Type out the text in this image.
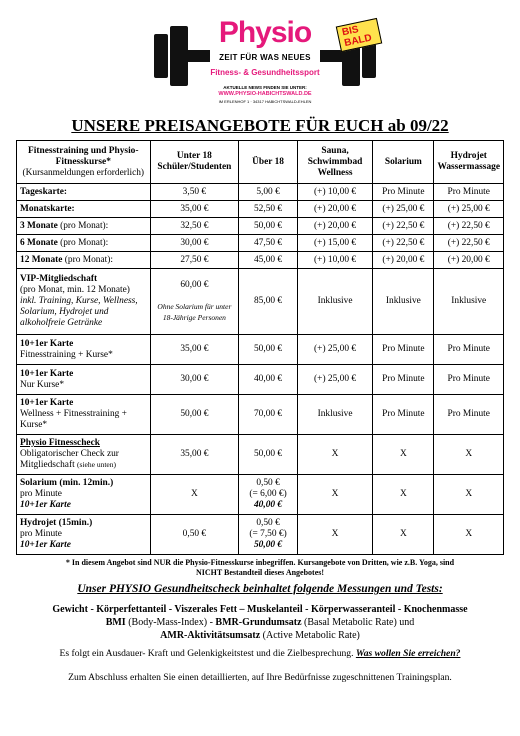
Physio	BIS BALD
ZEIT FÜR WAS NEUES
Fitness- & Gesundheitssport
AKTUELLE NEWS FINDEN SIE UNTER:
WWW.PHYSIO-HABICHTSWALD.DE
IM ERLENHOF 1 · 34317 HABICHTSWALD-EHLEN
UNSERE PREISANGEBOTE FÜR EUCH ab 09/22
Fitnesstraining und Physio-Fitnesskurse*
(Kursanmeldungen erforderlich)	Unter 18 Schüler/Studenten	Über 18	Sauna, Schwimmbad Wellness	Solarium	Hydrojet Wassermassage
Tageskarte:	3,50 €	5,00 €	(+) 10,00 €	Pro Minute	Pro Minute
Monatskarte:	35,00 €	52,50 €	(+) 20,00 €	(+) 25,00 €	(+) 25,00 €
3 Monate (pro Monat):	32,50 €	50,00 €	(+) 20,00 €	(+) 22,50 €	(+) 22,50 €
6 Monate (pro Monat):	30,00 €	47,50 €	(+) 15,00 €	(+) 22,50 €	(+) 22,50 €
12 Monate (pro Monat):	27,50 €	45,00 €	(+) 10,00 €	(+) 20,00 €	(+) 20,00 €
VIP-Mitgliedschaft
(pro Monat, min. 12 Monate)
inkl. Training, Kurse, Wellness, Solarium, Hydrojet und alkoholfreie Getränke	60,00 €

Ohne Solarium für unter 18-Jährige Personen	85,00 €	Inklusive	Inklusive	Inklusive
10+1er Karte
Fitnesstraining + Kurse*	35,00 €	50,00 €	(+) 25,00 €	Pro Minute	Pro Minute
10+1er Karte
Nur Kurse*	30,00 €	40,00 €	(+) 25,00 €	Pro Minute	Pro Minute
10+1er Karte
Wellness + Fitnesstraining + Kurse*	50,00 €	70,00 €	Inklusive	Pro Minute	Pro Minute
Physio Fitnesscheck
Obligatorischer Check zur Mitgliedschaft (siehe unten)	35,00 €	50,00 €	X	X	X
Solarium (min. 12min.)
pro Minute
10+1er Karte	X	0,50 €
(= 6,00 €)
40,00 €	X	X	X
Hydrojet (15min.)
pro Minute
10+1er Karte	0,50 €	0,50 €
(= 7,50 €)
50,00 €	X	X	X
* In diesem Angebot sind NUR die Physio-Fitnesskurse inbegriffen. Kursangebote von Dritten, wie z.B. Yoga, sind
NICHT Bestandteil dieses Angebotes!
Unser PHYSIO Gesundheitscheck beinhaltet folgende Messungen und Tests:
Gewicht - Körperfettanteil - Viszerales Fett – Muskelanteil - Körperwasseranteil - Knochenmasse
BMI (Body-Mass-Index) - BMR-Grundumsatz (Basal Metabolic Rate) und
AMR-Aktivitätsumsatz (Active Metabolic Rate)
Es folgt ein Ausdauer- Kraft und Gelenkigkeitstest und die Zielbesprechung. Was wollen Sie erreichen?
Zum Abschluss erhalten Sie einen detaillierten, auf Ihre Bedürfnisse zugeschnittenen Trainingsplan.
